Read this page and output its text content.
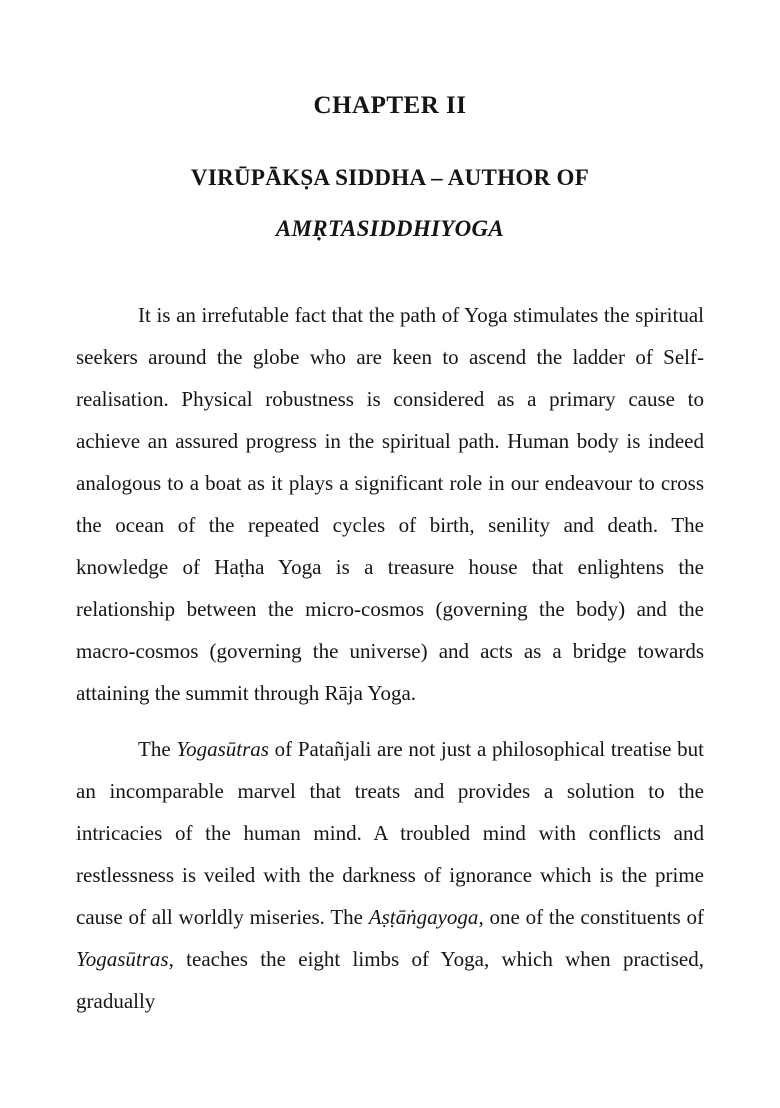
CHAPTER II
VIRŪPĀKṢA SIDDHA – AUTHOR OF
AMṚTASIDDHIYOGA

It is an irrefutable fact that the path of Yoga stimulates the spiritual seekers around the globe who are keen to ascend the ladder of Self-realisation. Physical robustness is considered as a primary cause to achieve an assured progress in the spiritual path. Human body is indeed analogous to a boat as it plays a significant role in our endeavour to cross the ocean of the repeated cycles of birth, senility and death. The knowledge of Haṭha Yoga is a treasure house that enlightens the relationship between the micro-cosmos (governing the body) and the macro-cosmos (governing the universe) and acts as a bridge towards attaining the summit through Rāja Yoga.

The Yogasūtras of Patañjali are not just a philosophical treatise but an incomparable marvel that treats and provides a solution to the intricacies of the human mind. A troubled mind with conflicts and restlessness is veiled with the darkness of ignorance which is the prime cause of all worldly miseries. The Aṣṭāṅgayoga, one of the constituents of Yogasūtras, teaches the eight limbs of Yoga, which when practised, gradually
